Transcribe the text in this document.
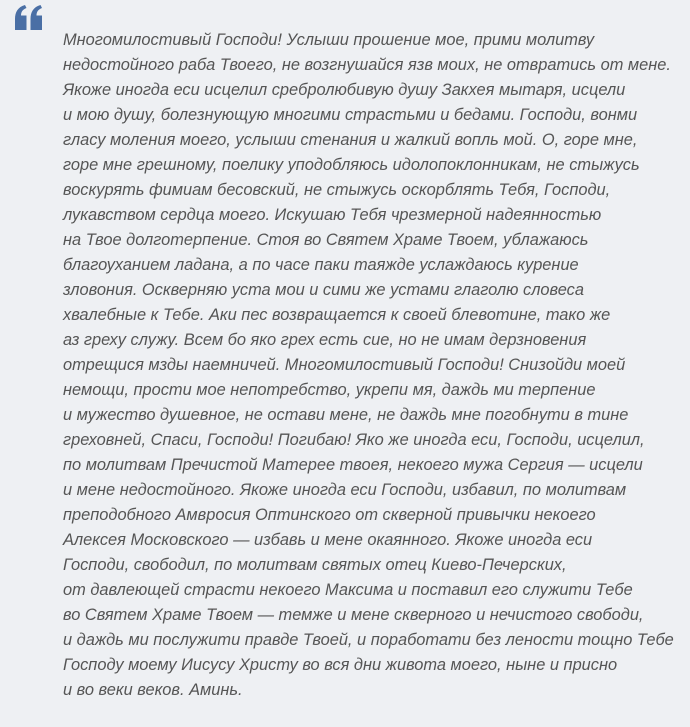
Многомилостивый Господи! Услыши прошение мое, прими молитву
недостойного раба Твоего, не возгнушайся язв моих, не отвратись от мене.
Якоже иногда еси исцелил сребролюбивую душу Закхея мытаря, исцели
и мою душу, болезнующую многими страстьми и бедами. Господи, вонми
гласу моления моего, услыши стенания и жалкий вопль мой. О, горе мне,
горе мне грешному, поелику уподобляюсь идолопоклонникам, не стыжусь
воскурять фимиам бесовский, не стыжусь оскорблять Тебя, Господи,
лукавством сердца моего. Искушаю Тебя чрезмерной надеянностью
на Твое долготерпение. Стоя во Святем Храме Твоем, ублажаюсь
благоуханием ладана, а по часе паки таяжде услаждаюсь курение
зловония. Оскверняю уста мои и сими же устами глаголю словеса
хвалебные к Тебе. Аки пес возвращается к своей блевотине, тако же
аз греху служу. Всем бо яко грех есть сие, но не имам дерзновения
отрещися мзды наемничей. Многомилостивый Господи! Снизойди моей
немощи, прости мое непотребство, укрепи мя, даждь ми терпение
и мужество душевное, не остави мене, не даждь мне погобнути в тине
греховней, Спаси, Господи! Погибаю! Яко же иногда еси, Господи, исцелил,
по молитвам Пречистой Матерее твоея, некоего мужа Сергия — исцели
и мене недостойного. Якоже иногда еси Господи, избавил, по молитвам
преподобного Амвросия Оптинского от скверной привычки некоего
Алексея Московского — избавь и мене окаянного. Якоже иногда еси
Господи, свободил, по молитвам святых отец Киево-Печерских,
от давлеющей страсти некоего Максима и поставил его служити Тебе
во Святем Храме Твоем — темже и мене скверного и нечистого свободи,
и даждь ми послужити правде Твоей, и поработати без лености тощно Тебе
Господу моему Иисусу Христу во вся дни живота моего, ныне и присно
и во веки веков. Аминь.
